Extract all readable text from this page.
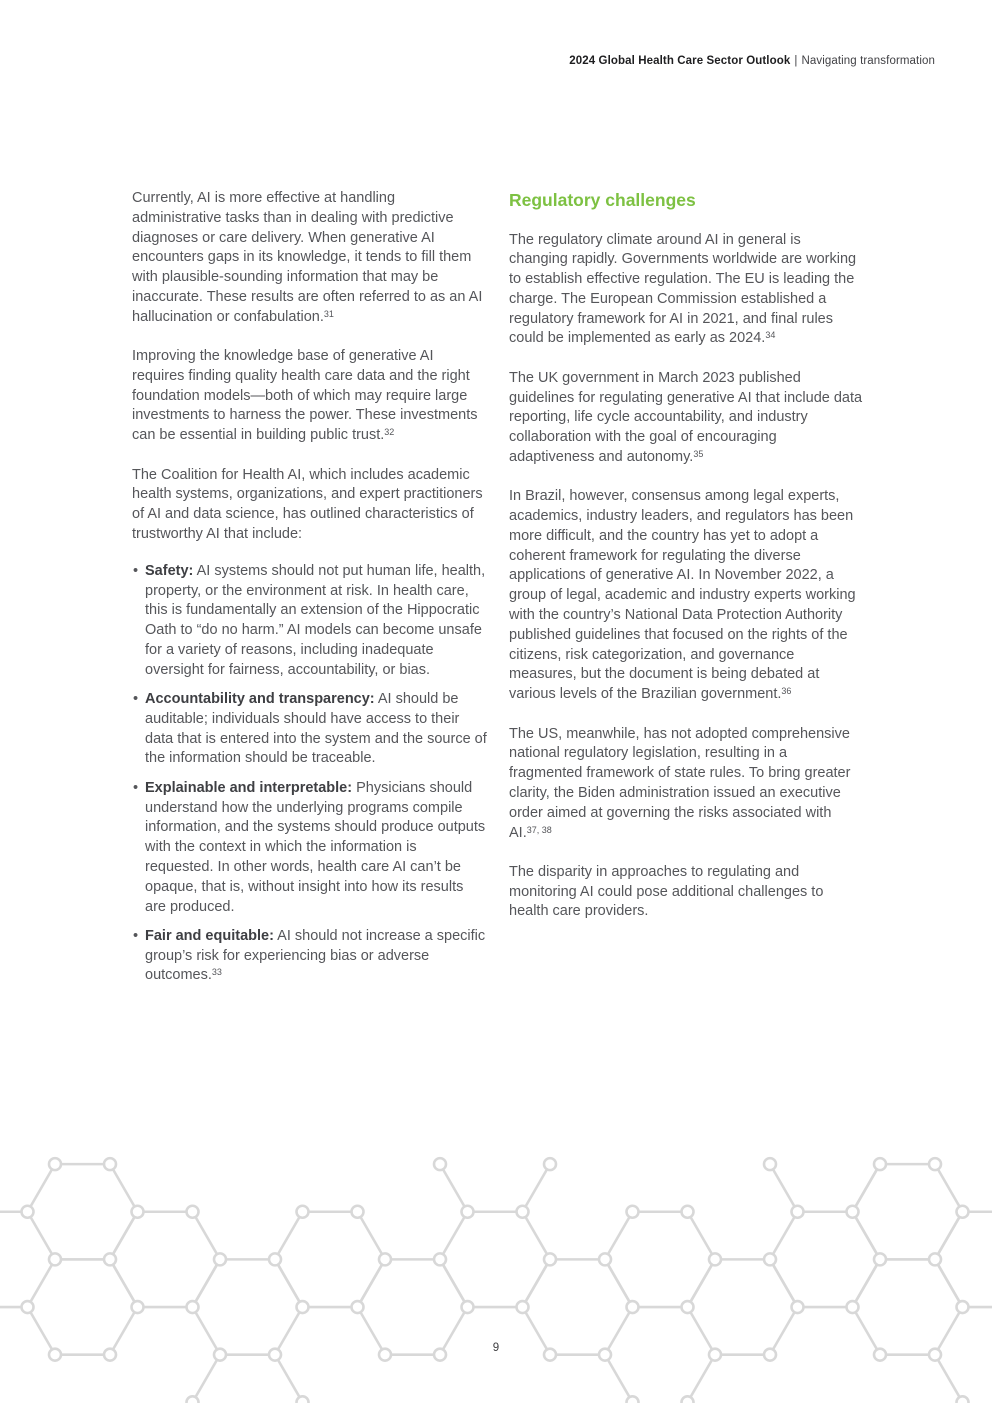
2024 Global Health Care Sector Outlook | Navigating transformation

Currently, AI is more effective at handling administrative tasks than in dealing with predictive diagnoses or care delivery. When generative AI encounters gaps in its knowledge, it tends to fill them with plausible-sounding information that may be inaccurate. These results are often referred to as an AI hallucination or confabulation.$^{31}$

Improving the knowledge base of generative AI requires finding quality health care data and the right foundation models—both of which may require large investments to harness the power. These investments can be essential in building public trust.$^{32}$

The Coalition for Health AI, which includes academic health systems, organizations, and expert practitioners of AI and data science, has outlined characteristics of trustworthy AI that include:

• Safety: AI systems should not put human life, health, property, or the environment at risk. In health care, this is fundamentally an extension of the Hippocratic Oath to “do no harm.” AI models can become unsafe for a variety of reasons, including inadequate oversight for fairness, accountability, or bias.
• Accountability and transparency: AI should be auditable; individuals should have access to their data that is entered into the system and the source of the information should be traceable.
• Explainable and interpretable: Physicians should understand how the underlying programs compile information, and the systems should produce outputs with the context in which the information is requested. In other words, health care AI can’t be opaque, that is, without insight into how its results are produced.
• Fair and equitable: AI should not increase a specific group’s risk for experiencing bias or adverse outcomes.$^{33}$
Regulatory challenges

The regulatory climate around AI in general is changing rapidly. Governments worldwide are working to establish effective regulation. The EU is leading the charge. The European Commission established a regulatory framework for AI in 2021, and final rules could be implemented as early as 2024.34

The UK government in March 2023 published guidelines for regulating generative AI that include data reporting, life cycle accountability, and industry collaboration with the goal of encouraging adaptiveness and autonomy.$^{35}$

In Brazil, however, consensus among legal experts, academics, industry leaders, and regulators has been more difficult, and the country has yet to adopt a coherent framework for regulating the diverse applications of generative AI. In November 2022, a group of legal, academic and industry experts working with the country’s National Data Protection Authority published guidelines that focused on the rights of the citizens, risk categorization, and governance measures, but the document is being debated at various levels of the Brazilian government.$^{36}$

The US, meanwhile, has not adopted comprehensive national regulatory legislation, resulting in a fragmented framework of state rules. To bring greater clarity, the Biden administration issued an executive order aimed at governing the risks associated with AI.$^{37, 38}$

The disparity in approaches to regulating and monitoring AI could pose additional challenges to health care providers.

9
